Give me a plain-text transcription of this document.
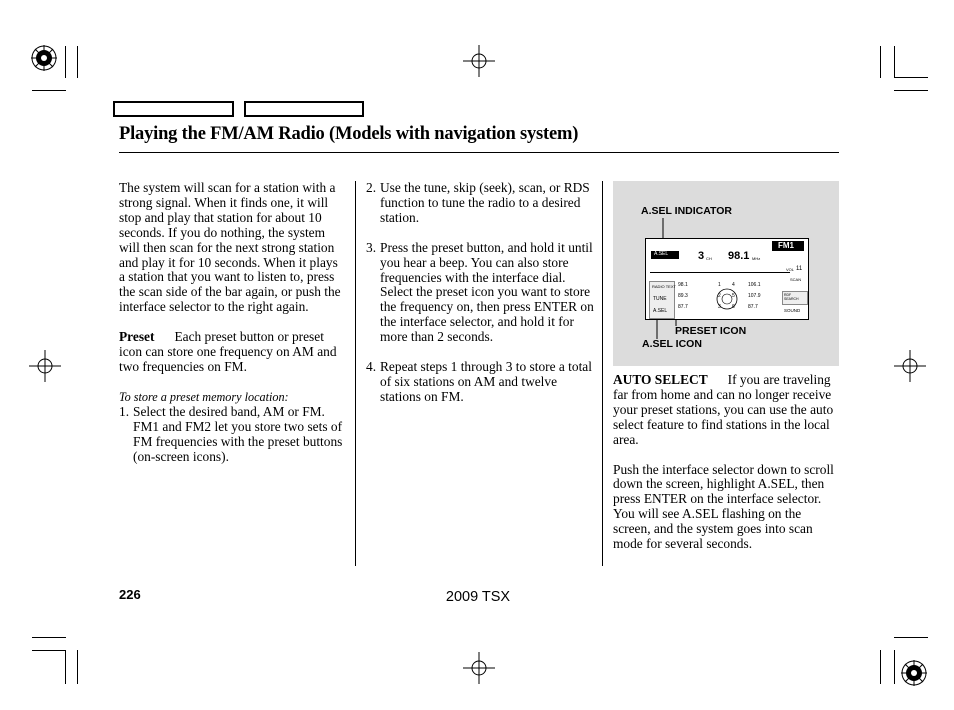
Playing the FM/AM Radio (Models with navigation system)

The system will scan for a station with a strong signal. When it finds one, it will stop and play that station for about 10 seconds. If you do nothing, the system will then scan for the next strong station and play it for 10 seconds. When it plays a station that you want to listen to, press the scan side of the bar again, or push the interface selector to the right again.

Preset Each preset button or preset icon can store one frequency on AM and two frequencies on FM.

To store a preset memory location:

1. Select the desired band, AM or FM. FM1 and FM2 let you store two sets of FM frequencies with the preset buttons (on-screen icons).
2. Use the tune, skip (seek), scan, or RDS function to tune the radio to a desired station.
3. Press the preset button, and hold it until you hear a beep. You can also store frequencies with the interface dial. Select the preset icon you want to store the frequency on, then press ENTER on the interface selector, and hold it for more than 2 seconds.
4. Repeat steps 1 through 3 to store a total of six stations on AM and twelve stations on FM.
A.SEL INDICATOR
PRESET ICON
A.SEL ICON
FM1
A.SEL	3 CH 98.1 MHz
VOL 11
SCAN
RADIO TEXT
TUNE
A.SEL
98.1	1
89.3	2
87.7	3
4	106.1
5	107.9
6	87.7
RDF SEARCH
SOUND

AUTO SELECT If you are traveling far from home and can no longer receive your preset stations, you can use the auto select feature to find stations in the local area.

Push the interface selector down to scroll down the screen, highlight A.SEL, then press ENTER on the interface selector. You will see A.SEL flashing on the screen, and the system goes into scan mode for several seconds.

226	2009 TSX
